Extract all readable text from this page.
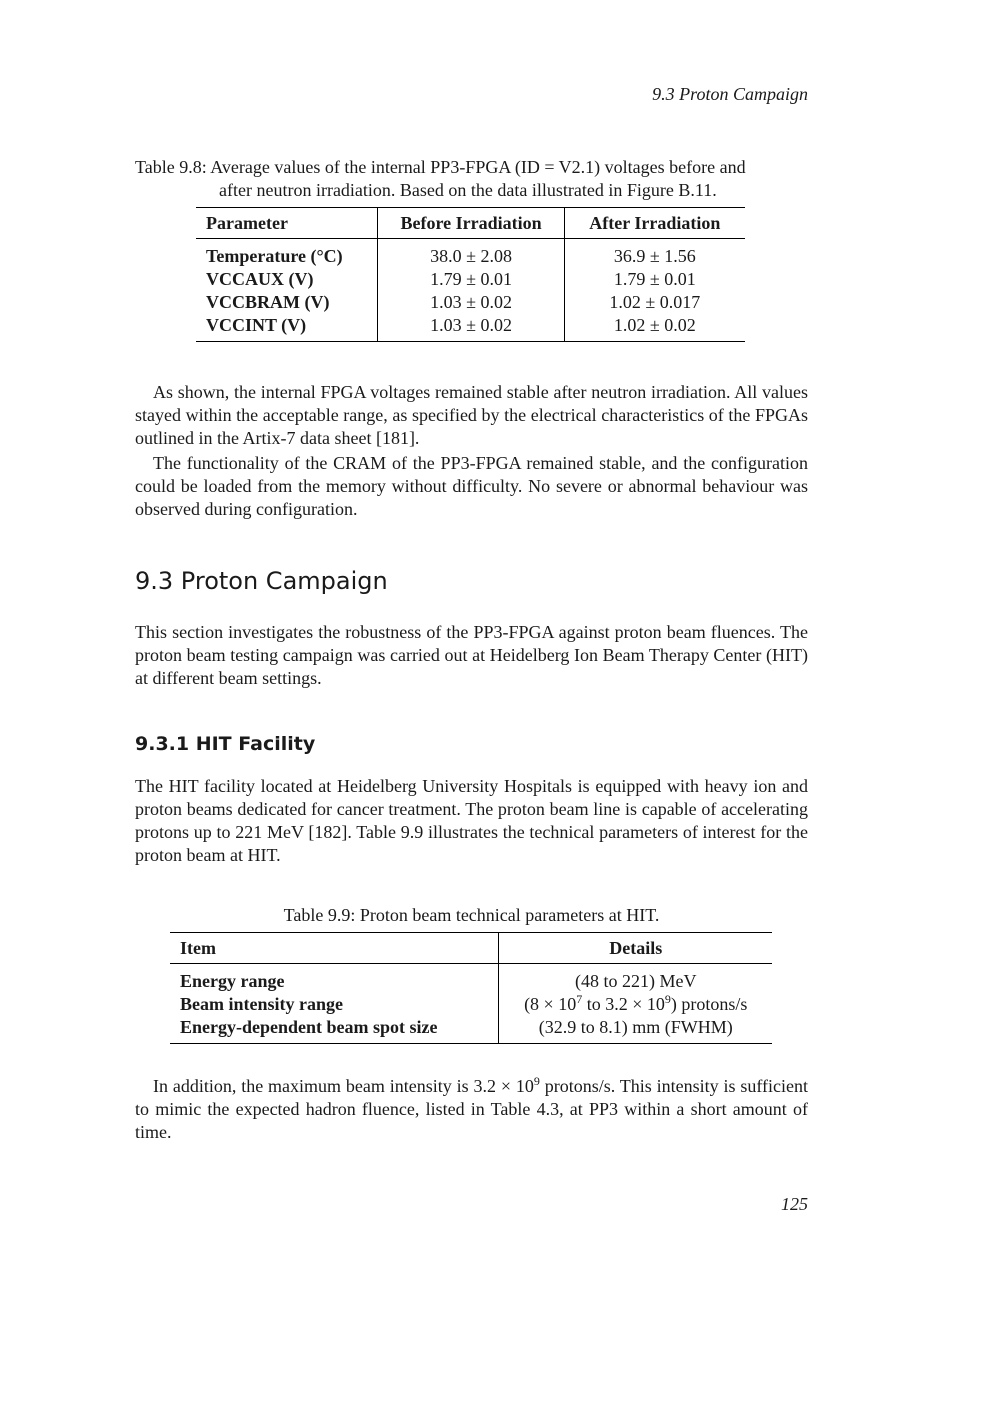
9.3 Proton Campaign
Table 9.8: Average values of the internal PP3-FPGA (ID = V2.1) voltages before and
after neutron irradiation. Based on the data illustrated in Figure B.11.
Parameter	Before Irradiation	After Irradiation
Temperature (°C)	38.0 ± 2.08	36.9 ± 1.56
VCCAUX (V)	1.79 ± 0.01	1.79 ± 0.01
VCCBRAM (V)	1.03 ± 0.02	1.02 ± 0.017
VCCINT (V)	1.03 ± 0.02	1.02 ± 0.02
As shown, the internal FPGA voltages remained stable after neutron irradiation. All values stayed within the acceptable range, as specified by the electrical characteristics of the FPGAs outlined in the Artix-7 data sheet [181].
The functionality of the CRAM of the PP3-FPGA remained stable, and the configuration could be loaded from the memory without difficulty. No severe or abnormal behaviour was observed during configuration.
9.3 Proton Campaign
This section investigates the robustness of the PP3-FPGA against proton beam fluences. The proton beam testing campaign was carried out at Heidelberg Ion Beam Therapy Center (HIT) at different beam settings.
9.3.1 HIT Facility
The HIT facility located at Heidelberg University Hospitals is equipped with heavy ion and proton beams dedicated for cancer treatment. The proton beam line is capable of accelerating protons up to 221 MeV [182]. Table 9.9 illustrates the technical parameters of interest for the proton beam at HIT.
Table 9.9: Proton beam technical parameters at HIT.
Item	Details
Energy range	(48 to 221) MeV
Beam intensity range	($8 \times 10^7$ to $3.2 \times 10^9$) protons/s
Energy-dependent beam spot size	(32.9 to 8.1) mm (FWHM)
In addition, the maximum beam intensity is $3.2 \times 10^9$ protons/s. This intensity is sufficient to mimic the expected hadron fluence, listed in Table 4.3, at PP3 within a short amount of time.
125
